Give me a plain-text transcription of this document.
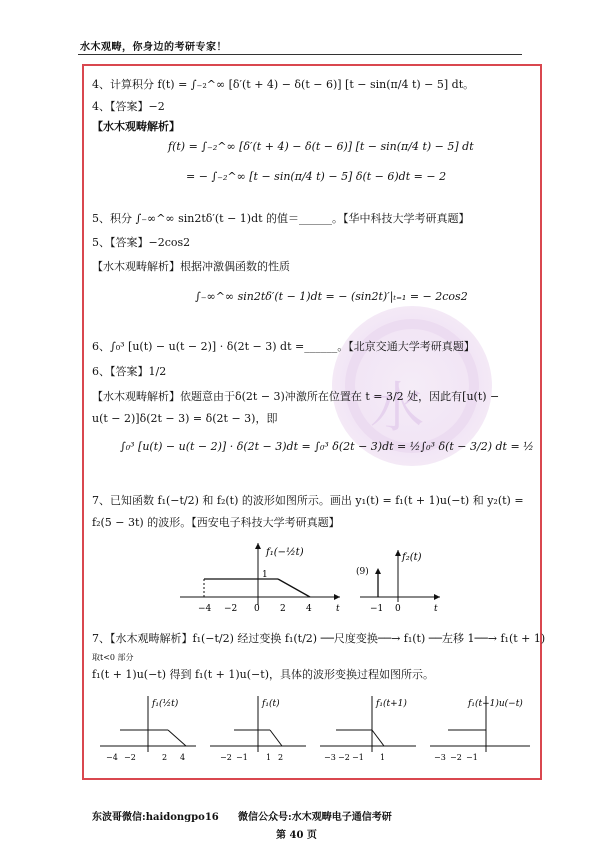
水木观畴，你身边的考研专家！
水
4、计算积分 f(t) = ∫₋₂^∞ [δ′(t + 4) − δ(t − 6)] [t − sin(π/4 t) − 5] dt。
4、【答案】−2
【水木观畴解析】
f(t) = ∫₋₂^∞ [δ′(t + 4) − δ(t − 6)] [t − sin(π/4 t) − 5] dt
= − ∫₋₂^∞ [t − sin(π/4 t) − 5] δ(t − 6)dt = − 2
5、积分 ∫₋∞^∞ sin2tδ′(t − 1)dt 的值＝______。【华中科技大学考研真题】
5、【答案】−2cos2
【水木观畴解析】根据冲激偶函数的性质
∫₋∞^∞ sin2tδ′(t − 1)dt = − (sin2t)′|ₜ₌₁ = − 2cos2
6、∫₀³ [u(t) − u(t − 2)] · δ(2t − 3) dt =______。【北京交通大学考研真题】
6、【答案】1/2
【水木观畴解析】依题意由于δ(2t − 3)冲激所在位置在 t = 3/2 处，因此有[u(t) −
u(t − 2)]δ(2t − 3) = δ(2t − 3)，即
∫₀³ [u(t) − u(t − 2)] · δ(2t − 3)dt = ∫₀³ δ(2t − 3)dt = ½∫₀³ δ(t − 3/2) dt = ½
7、已知函数 f₁(−t/2) 和 f₂(t) 的波形如图所示。画出 y₁(t) = f₁(t + 1)u(−t) 和 y₂(t) =
f₂(5 − 3t) 的波形。【西安电子科技大学考研真题】
f₁(−½t)
1
−4 −2 0 2 4	t
(9)
f₂(t)
−1 0	t
7、【水木观畴解析】f₁(−t/2) 经过变换 f₁(t/2) ──尺度变换──→ f₁(t) ──左移 1──→ f₁(t + 1)
取t<0 部分
f₁(t + 1)u(−t) 得到 f₁(t + 1)u(−t)，具体的波形变换过程如图所示。
f₁(½t)
−4 −2	2 4
f₁(t)
−2 −1 1 2
f₁(t+1)
−3 −2 −1 1
f₁(t+1)u(−t)
−3 −2 −1
东波哥微信:haidongpo16 微信公众号:水木观畴电子通信考研
第 40 页
